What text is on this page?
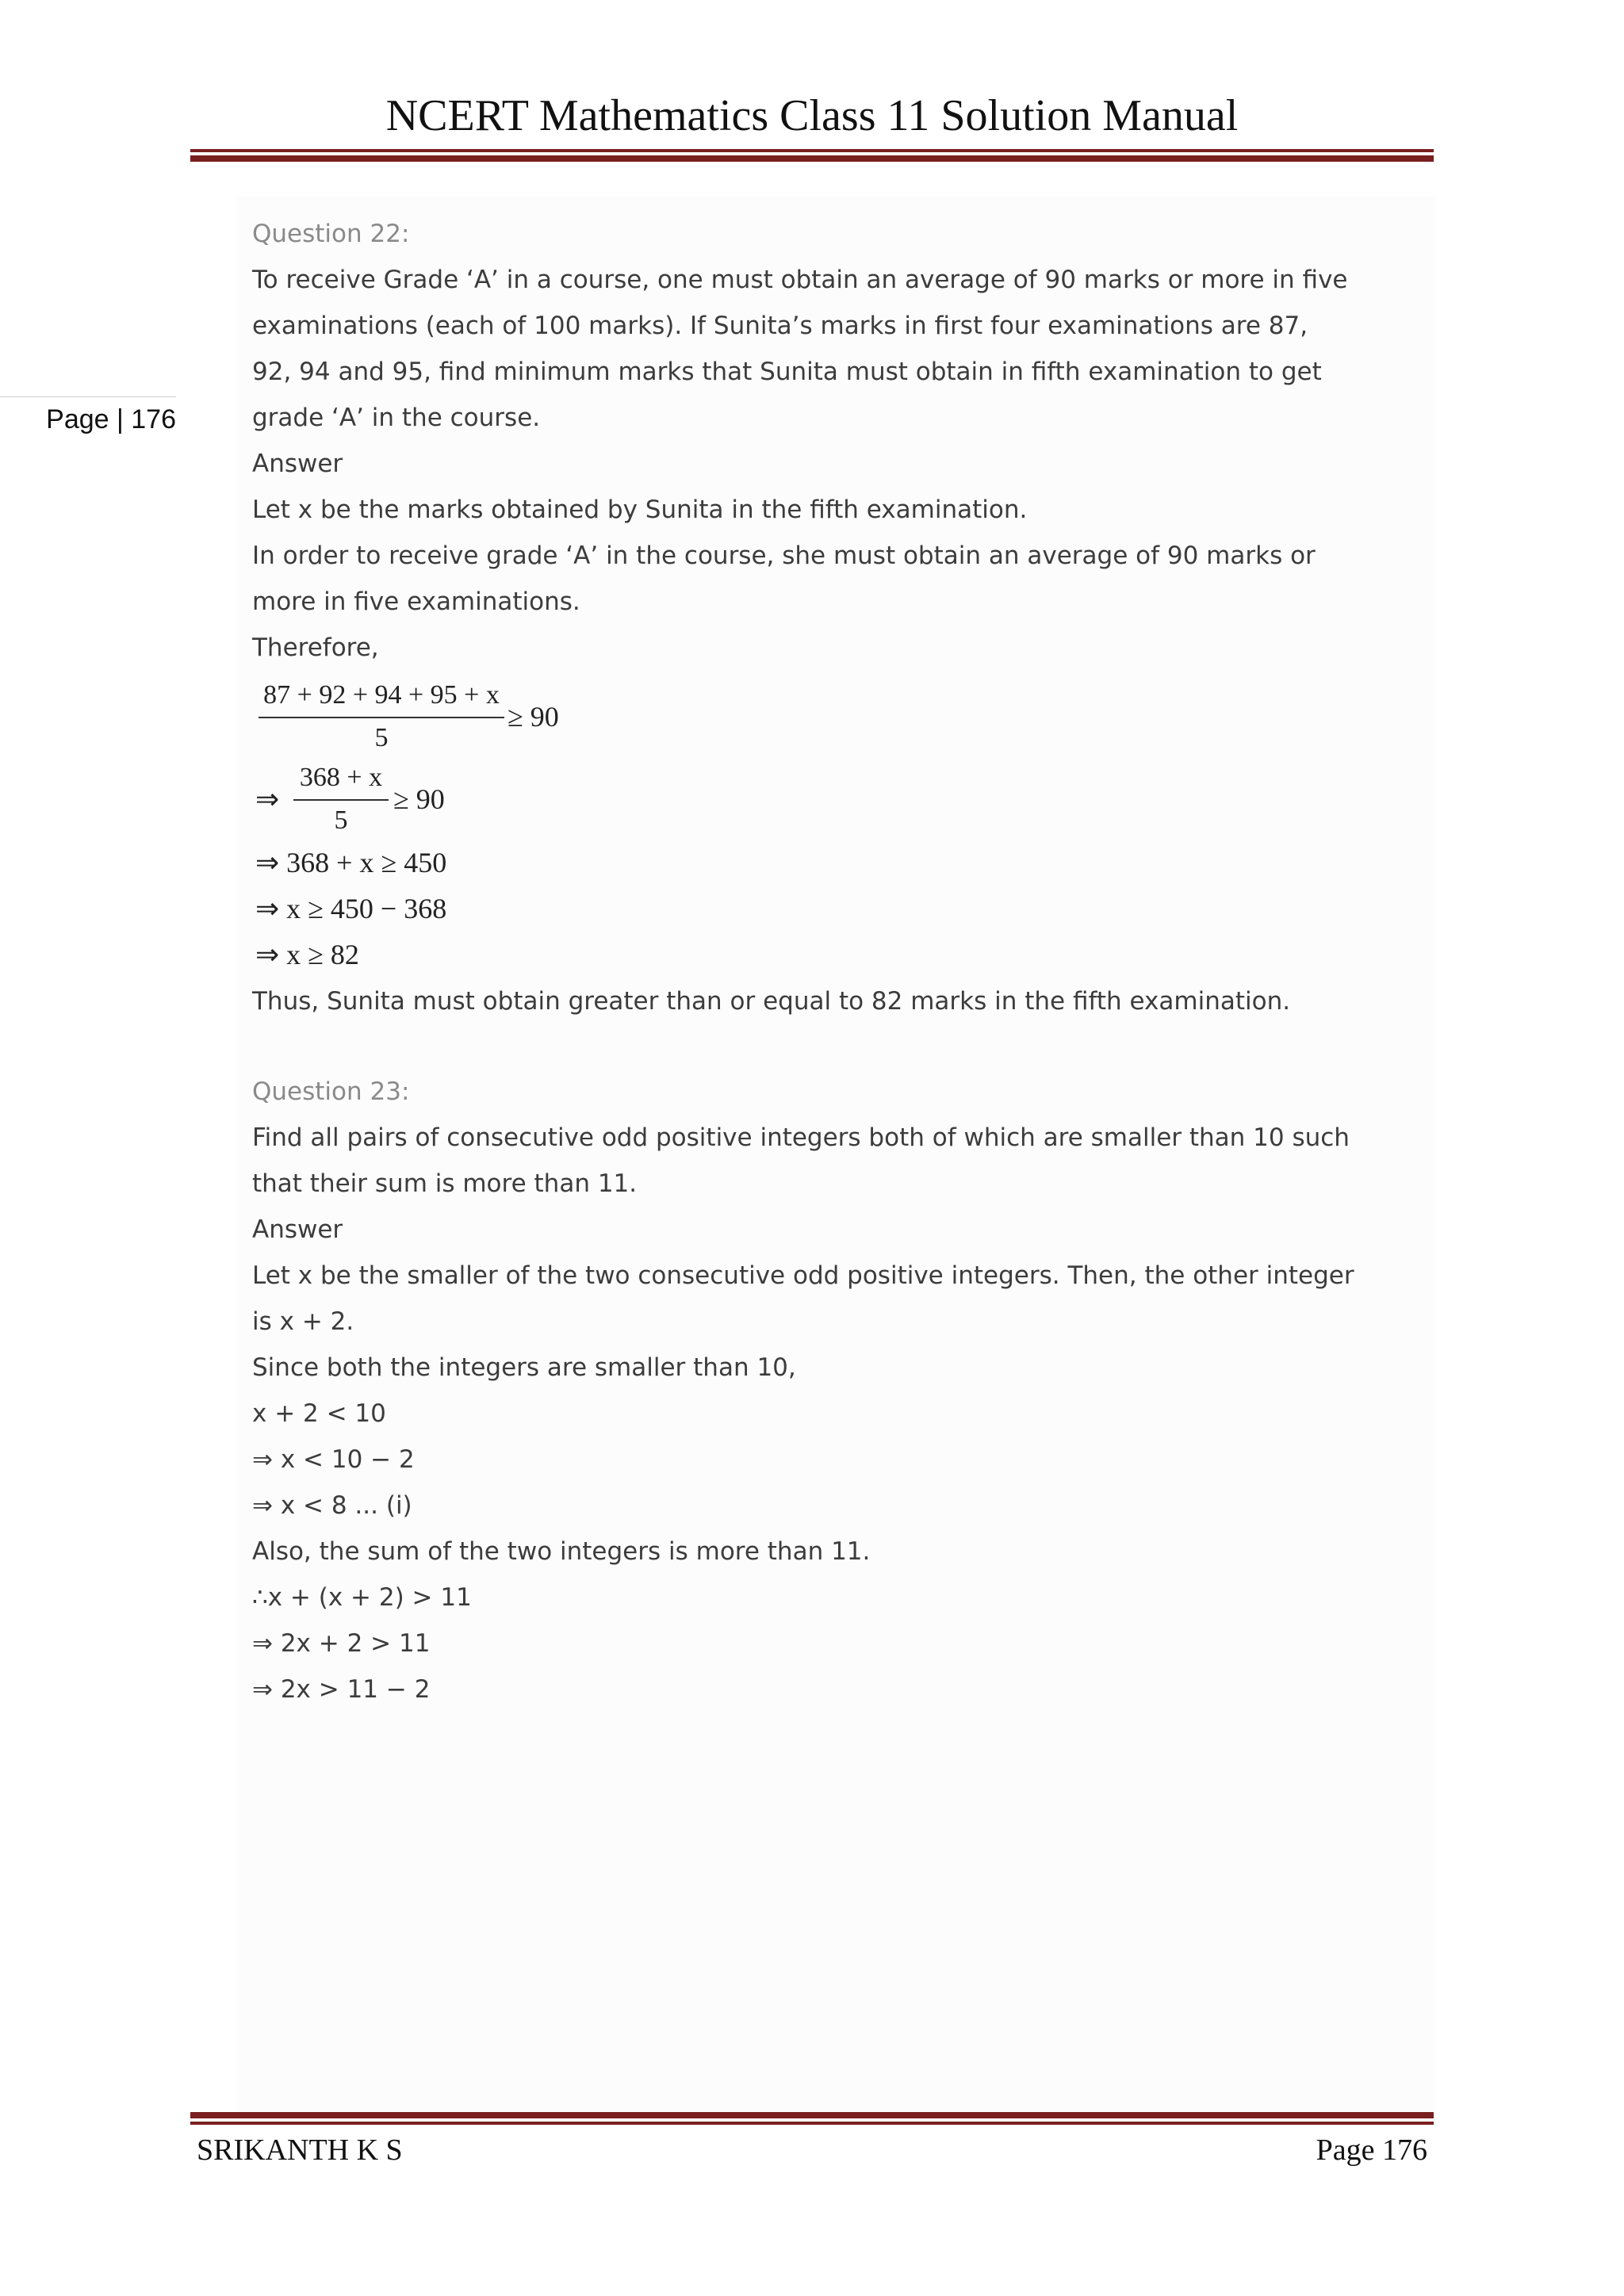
NCERT Mathematics Class 11 Solution Manual
Page | 176
Question 22:
To receive Grade ‘A’ in a course, one must obtain an average of 90 marks or more in five
examinations (each of 100 marks). If Sunita’s marks in first four examinations are 87,
92, 94 and 95, find minimum marks that Sunita must obtain in fifth examination to get
grade ‘A’ in the course.
Answer
Let x be the marks obtained by Sunita in the fifth examination.
In order to receive grade ‘A’ in the course, she must obtain an average of 90 marks or
more in five examinations.
Therefore,
87 + 92 + 94 + 95 + x
5
≥ 90
⇒
368 + x
5
≥ 90
⇒ 368 + x ≥ 450
⇒ x ≥ 450 − 368
⇒ x ≥ 82
Thus, Sunita must obtain greater than or equal to 82 marks in the fifth examination.
Question 23:
Find all pairs of consecutive odd positive integers both of which are smaller than 10 such
that their sum is more than 11.
Answer
Let x be the smaller of the two consecutive odd positive integers. Then, the other integer
is x + 2.
Since both the integers are smaller than 10,
x + 2 < 10
⇒ x < 10 − 2
⇒ x < 8 ... (i)
Also, the sum of the two integers is more than 11.
∴x + (x + 2) > 11
⇒ 2x + 2 > 11
⇒ 2x > 11 − 2
SRIKANTH K S	Page 176
